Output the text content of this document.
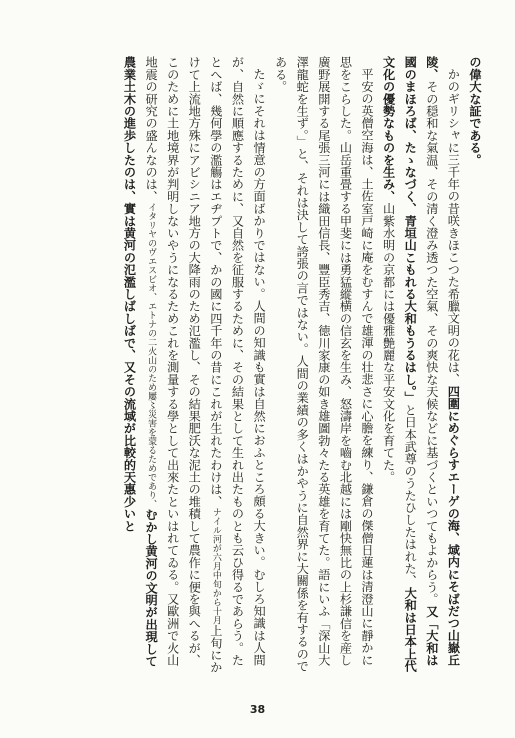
の偉大な証である。

かのギリシャに三千年の昔咲きほこつた希臘文明の花は、四圍にめぐらすエーゲの海、域内にそばだつ山嶽丘陵、その穏和な氣温、その清く澄み透つた空氣、その爽快な天候などに基づくといつてもよからう。又「大和は國のまほろば、たゝなづく、青垣山こもれる大和もうるはし。」と日本武尊のうたひしたはれた、大和は日本上代文化の優勢なものを生み、山紫水明の京都には優雅艶麗な平安文化を育てた。

平安の英僧空海は、土佐室戸崎に庵をむすんで雄渾の壮悲さに心膽を練り、鎌倉の傑僧日蓮は清澄山に靜かに思をこらした。山岳重畳する甲斐には勇猛縱横の信玄を生み、怒濤岸を嚙む北越には剛快無比の上杉謙信を産し廣野展開する尾張三河には織田信長、豐臣秀吉、徳川家康の如き雄圖勃々たる英雄を育てた。語にいふ「深山大澤龍蛇を生ず。」と、それは決して誇張の言ではない。人間の業績の多くはかやうに自然界に大關係を有するのである。

たゞにそれは情意の方面ばかりではない。人間の知識も實は自然におふところ頗る大きい。むしろ知識は人間が、自然に順應するために、又自然を征服するために、その結果として生れ出たものとも云ひ得るであらう。たとへば、幾何學の濫觴はエヂプトで、かの國に四千年の昔にこれが生れたわけは、ナイル河が六月中旬から十月上旬にかけて上流地方殊にアビシニア地方の大降雨のため氾濫し、その結果肥沃な泥土の堆積して農作に便を與へるが、このために土地境界が判明しないやうになるためこれを測量する學として出來たといはれてゐる。又歐洲で火山地震の研究の盛んなのは、イタリヤのヴエスビオ、エトナの二火山のため屢〻災害を蒙るためであり、むかし黄河の文明が出現して農業土木の進歩したのは、實は黄河の氾濫しばしばで、又その流域が比較的天惠少いと

38
